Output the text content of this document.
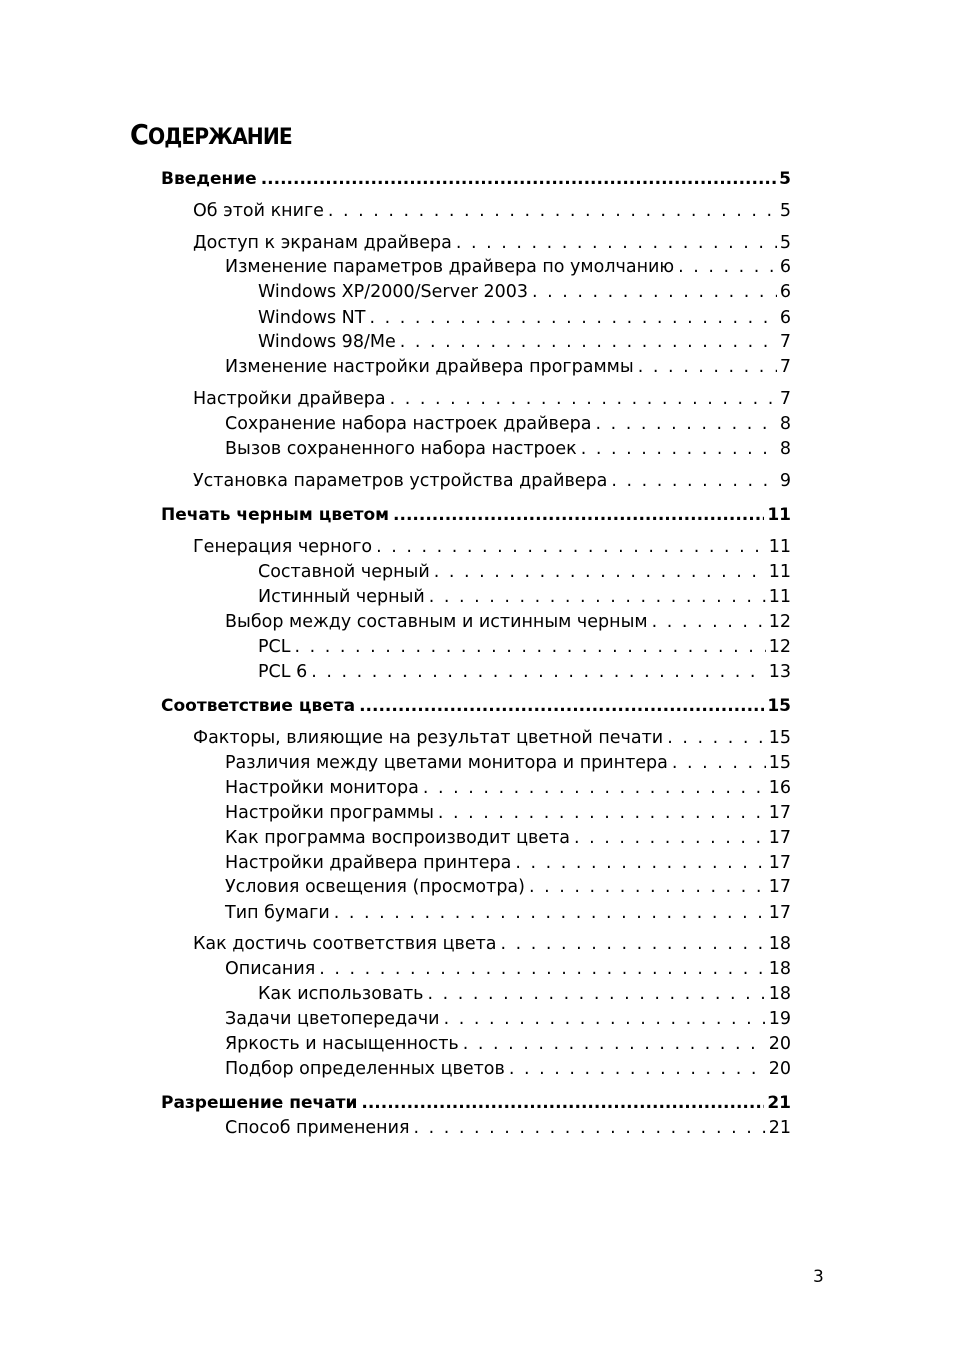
СОДЕРЖАНИЕ
Введение .....	5
Об этой книге . . .	5
Доступ к экранам драйвера . . .	5
Изменение параметров драйвера по умолчанию . . .	6
Windows XP/2000/Server 2003 . . .	6
Windows NT . . .	6
Windows 98/Me . . .	7
Изменение настройки драйвера программы . . .	7
Настройки драйвера . . .	7
Сохранение набора настроек драйвера . . .	8
Вызов сохраненного набора настроек . . .	8
Установка параметров устройства драйвера . . .	9
Печать черным цветом .....	11
Генерация черного . . .	11
Составной черный . . .	11
Истинный черный . . .	11
Выбор между составным и истинным черным . . .	12
PCL . . .	12
PCL 6 . . .	13
Соответствие цвета .....	15
Факторы, влияющие на результат цветной печати . . .	15
Различия между цветами монитора и принтера . . .	15
Настройки монитора . . .	16
Настройки программы . . .	17
Как программа воспроизводит цвета . . .	17
Настройки драйвера принтера . . .	17
Условия освещения (просмотра) . . .	17
Тип бумаги . . .	17
Как достичь соответствия цвета . . .	18
Описания . . .	18
Как использовать . . .	18
Задачи цветопередачи . . .	19
Яркость и насыщенность . . .	20
Подбор определенных цветов . . .	20
Разрешение печати .....	21
Способ применения . . .	21
3
